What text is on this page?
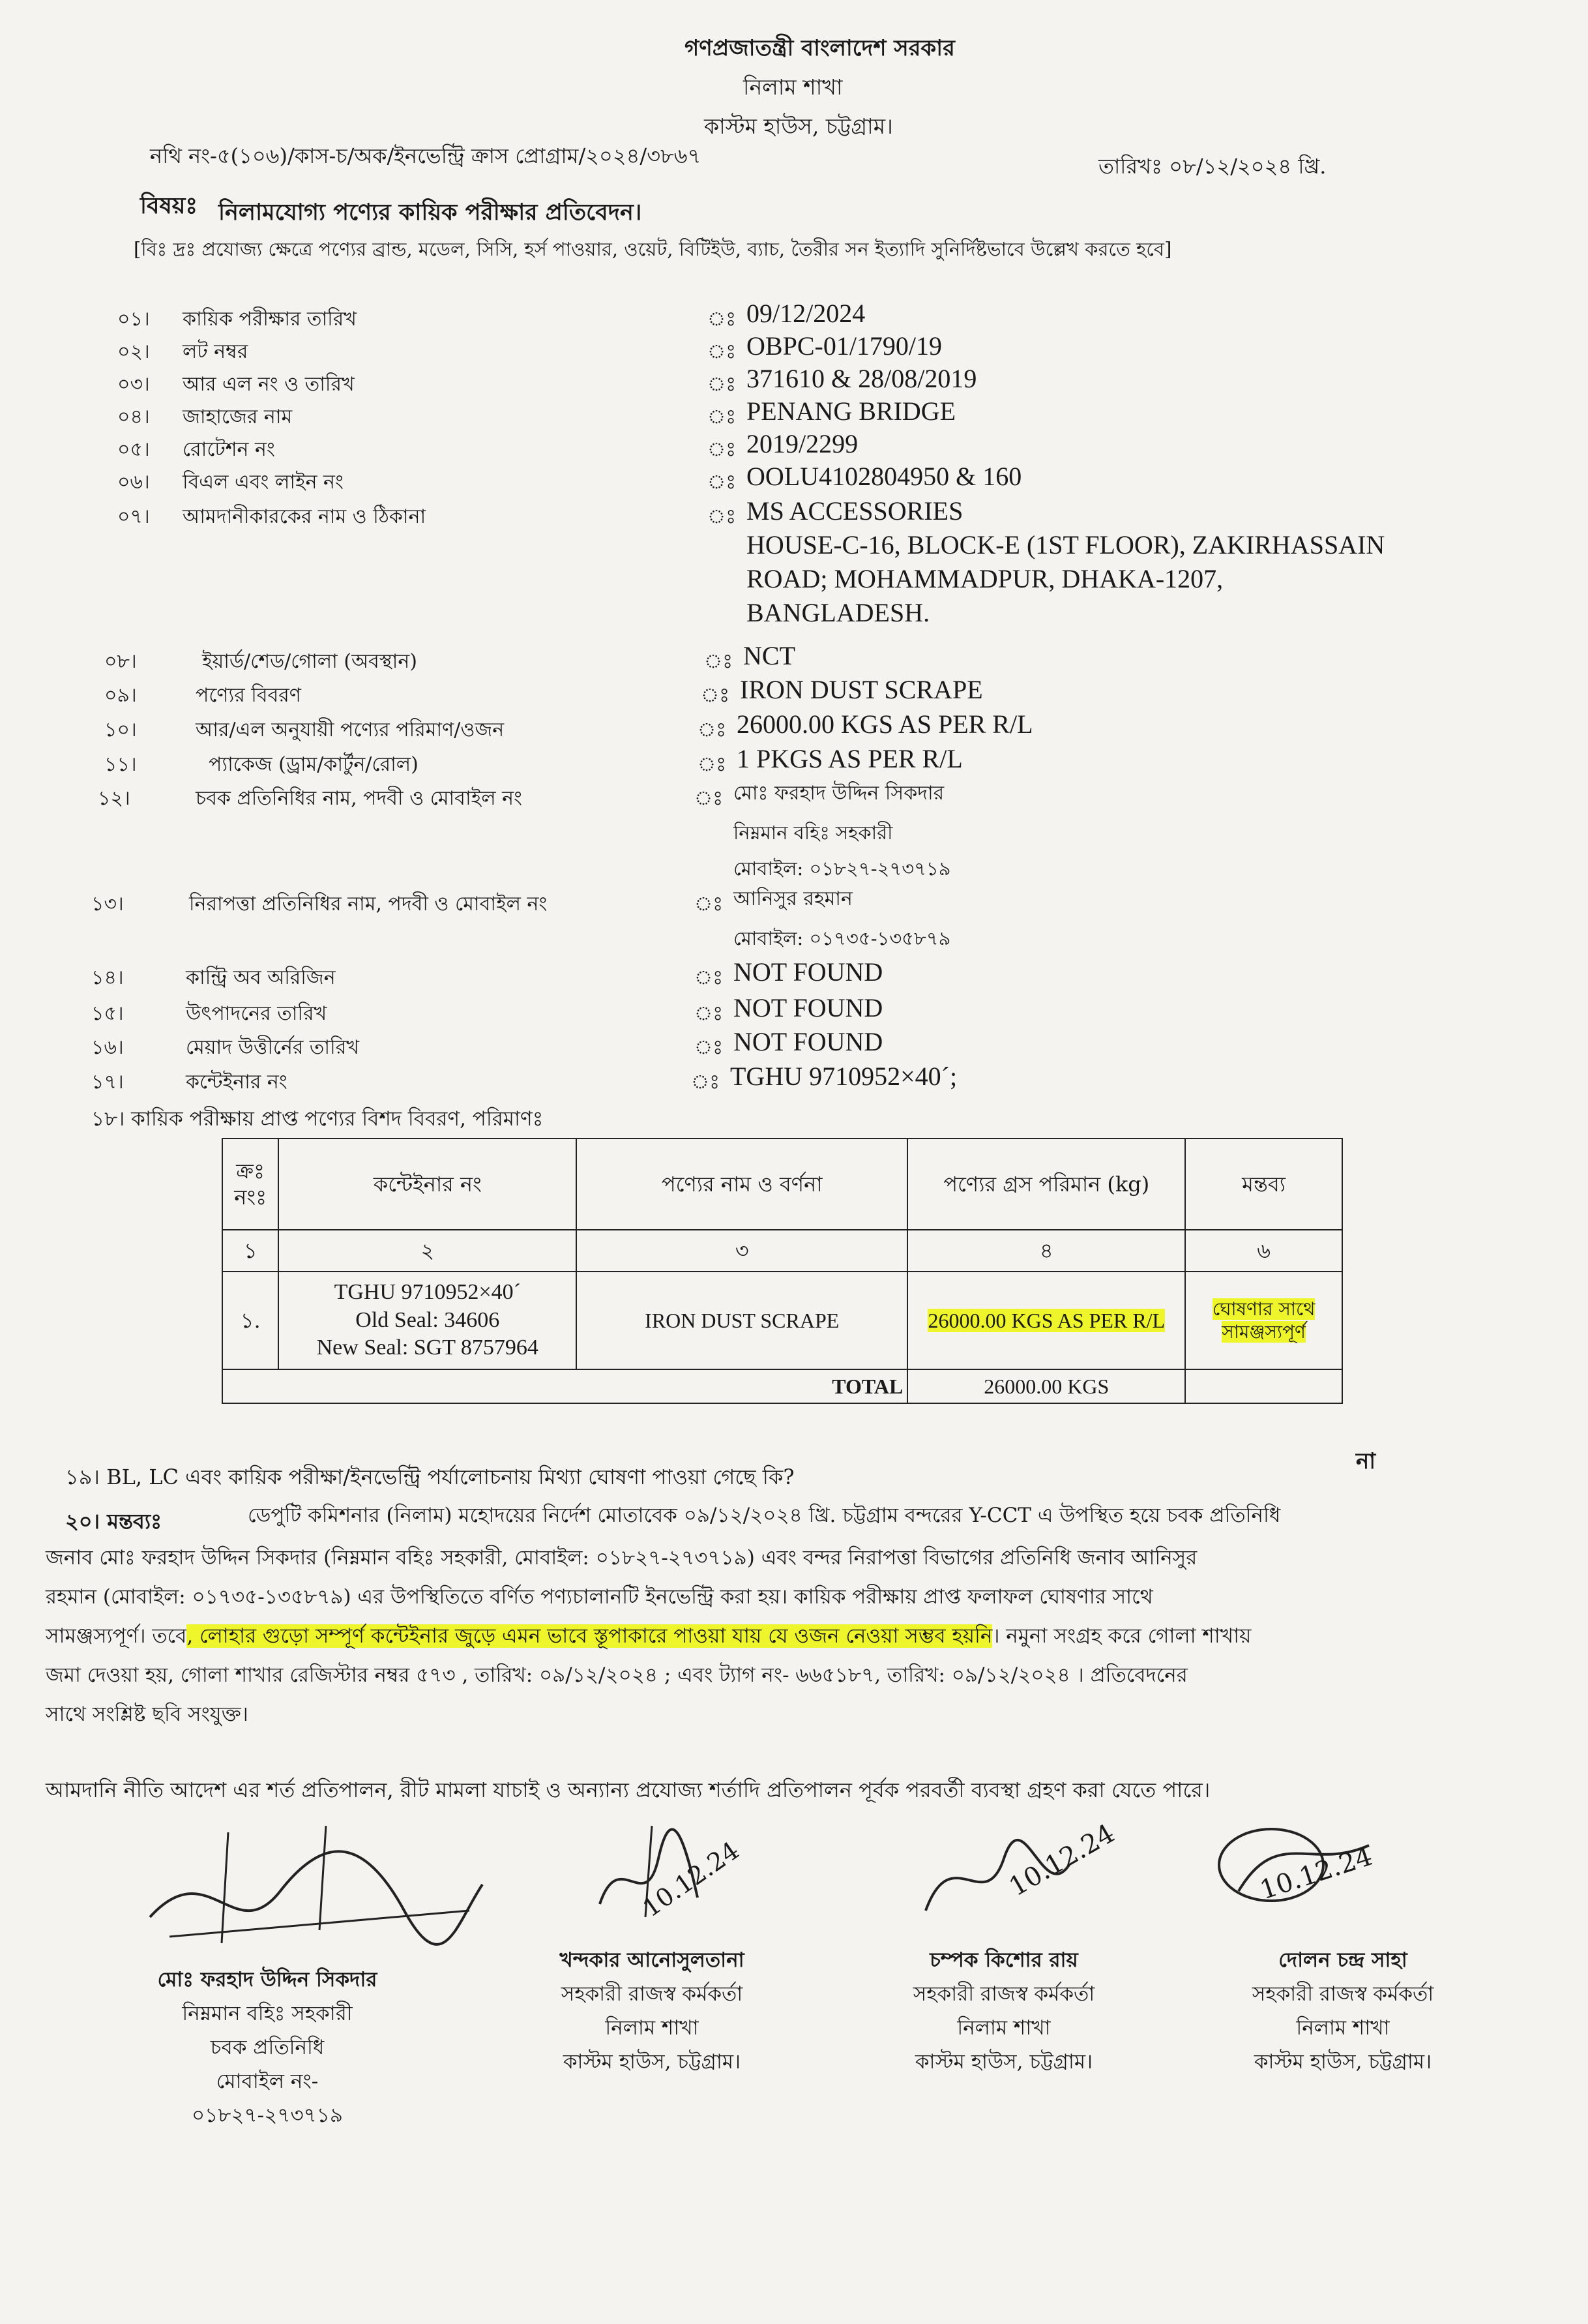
গণপ্রজাতন্ত্রী বাংলাদেশ সরকার
নিলাম শাখা
কাস্টম হাউস, চট্টগ্রাম।
নথি নং-৫(১০৬)/কাস-চ/অক/ইনভেন্ট্রি ক্রাস প্রোগ্রাম/২০২৪/৩৮৬৭	তারিখঃ ০৮/১২/২০২৪ খ্রি.
বিষয়ঃ নিলামযোগ্য পণ্যের কায়িক পরীক্ষার প্রতিবেদন।
[বিঃ দ্রঃ প্রযোজ্য ক্ষেত্রে পণ্যের ব্রান্ড, মডেল, সিসি, হর্স পাওয়ার, ওয়েট, বিটিইউ, ব্যাচ, তৈরীর সন ইত্যাদি সুনির্দিষ্টভাবে উল্লেখ করতে হবে]
০১। কায়িক পরীক্ষার তারিখ	ঃ 09/12/2024
০২। লট নম্বর	ঃ OBPC-01/1790/19
০৩। আর এল নং ও তারিখ	ঃ 371610 & 28/08/2019
০৪। জাহাজের নাম	ঃ PENANG BRIDGE
০৫। রোটেশন নং	ঃ 2019/2299
০৬। বিএল এবং লাইন নং	ঃ OOLU4102804950 & 160
০৭। আমদানীকারকের নাম ও ঠিকানা	ঃ MS ACCESSORIES
HOUSE-C-16, BLOCK-E (1ST FLOOR), ZAKIRHASSAIN
ROAD; MOHAMMADPUR, DHAKA-1207,
BANGLADESH.
০৮।	ইয়ার্ড/শেড/গোলা (অবস্থান)	ঃ NCT
০৯।	পণ্যের বিবরণ	ঃ IRON DUST SCRAPE
১০।	আর/এল অনুযায়ী পণ্যের পরিমাণ/ওজন	ঃ 26000.00 KGS AS PER R/L
১১।	প্যাকেজ (ড্রাম/কার্টুন/রোল)	ঃ 1 PKGS AS PER R/L
১২।	চবক প্রতিনিধির নাম, পদবী ও মোবাইল নং	ঃ মোঃ ফরহাদ উদ্দিন সিকদার
নিম্নমান বহিঃ সহকারী
মোবাইল: ০১৮২৭-২৭৩৭১৯
১৩।	নিরাপত্তা প্রতিনিধির নাম, পদবী ও মোবাইল নং	ঃ আনিসুর রহমান
মোবাইল: ০১৭৩৫-১৩৫৮৭৯
১৪।	কান্ট্রি অব অরিজিন	ঃ NOT FOUND
১৫।	উৎপাদনের তারিখ	ঃ NOT FOUND
১৬।	মেয়াদ উত্তীর্নের তারিখ	ঃ NOT FOUND
১৭।	কন্টেইনার নং	ঃ TGHU 9710952×40´;
১৮। কায়িক পরীক্ষায় প্রাপ্ত পণ্যের বিশদ বিবরণ, পরিমাণঃ
ক্রঃ নংঃ	কন্টেইনার নং	পণ্যের নাম ও বর্ণনা	পণ্যের গ্রস পরিমান (kg)	মন্তব্য
১	২	৩	৪	৬
১.	TGHU 9710952×40´
Old Seal: 34606
New Seal: SGT 8757964	IRON DUST SCRAPE	26000.00 KGS AS PER R/L	ঘোষণার সাথে সামঞ্জস্যপূর্ণ
TOTAL			26000.00 KGS	
১৯। BL, LC এবং কায়িক পরীক্ষা/ইনভেন্ট্রি পর্যালোচনায় মিথ্যা ঘোষণা পাওয়া গেছে কি?
না
২০। মন্তব্যঃ	ডেপুটি কমিশনার (নিলাম) মহোদয়ের নির্দেশ মোতাবেক ০৯/১২/২০২৪ খ্রি. চট্টগ্রাম বন্দরের Y-CCT এ উপস্থিত হয়ে চবক প্রতিনিধি
জনাব মোঃ ফরহাদ উদ্দিন সিকদার (নিম্নমান বহিঃ সহকারী, মোবাইল: ০১৮২৭-২৭৩৭১৯) এবং বন্দর নিরাপত্তা বিভাগের প্রতিনিধি জনাব আনিসুর
রহমান (মোবাইল: ০১৭৩৫-১৩৫৮৭৯) এর উপস্থিতিতে বর্ণিত পণ্যচালানটি ইনভেন্ট্রি করা হয়। কায়িক পরীক্ষায় প্রাপ্ত ফলাফল ঘোষণার সাথে
সামঞ্জস্যপূর্ণ। তবে, লোহার গুড়ো সম্পূর্ণ কন্টেইনার জুড়ে এমন ভাবে স্তূপাকারে পাওয়া যায় যে ওজন নেওয়া সম্ভব হয়নি। নমুনা সংগ্রহ করে গোলা শাখায়
জমা দেওয়া হয়, গোলা শাখার রেজিস্টার নম্বর ৫৭৩ , তারিখ: ০৯/১২/২০২৪ ; এবং ট্যাগ নং- ৬৬৫১৮৭, তারিখ: ০৯/১২/২০২৪ । প্রতিবেদনের
সাথে সংশ্লিষ্ট ছবি সংযুক্ত।
আমদানি নীতি আদেশ এর শর্ত প্রতিপালন, রীট মামলা যাচাই ও অন্যান্য প্রযোজ্য শর্তাদি প্রতিপালন পূর্বক পরবর্তী ব্যবস্থা গ্রহণ করা যেতে পারে।
10.12.24	10.12.24	10.12.24
মোঃ ফরহাদ উদ্দিন সিকদার
নিম্নমান বহিঃ সহকারী
চবক প্রতিনিধি
মোবাইল নং-
০১৮২৭-২৭৩৭১৯
খন্দকার আনোসুলতানা
সহকারী রাজস্ব কর্মকর্তা
নিলাম শাখা
কাস্টম হাউস, চট্টগ্রাম।
চম্পক কিশোর রায়
সহকারী রাজস্ব কর্মকর্তা
নিলাম শাখা
কাস্টম হাউস, চট্টগ্রাম।
দোলন চন্দ্র সাহা
সহকারী রাজস্ব কর্মকর্তা
নিলাম শাখা
কাস্টম হাউস, চট্টগ্রাম।
